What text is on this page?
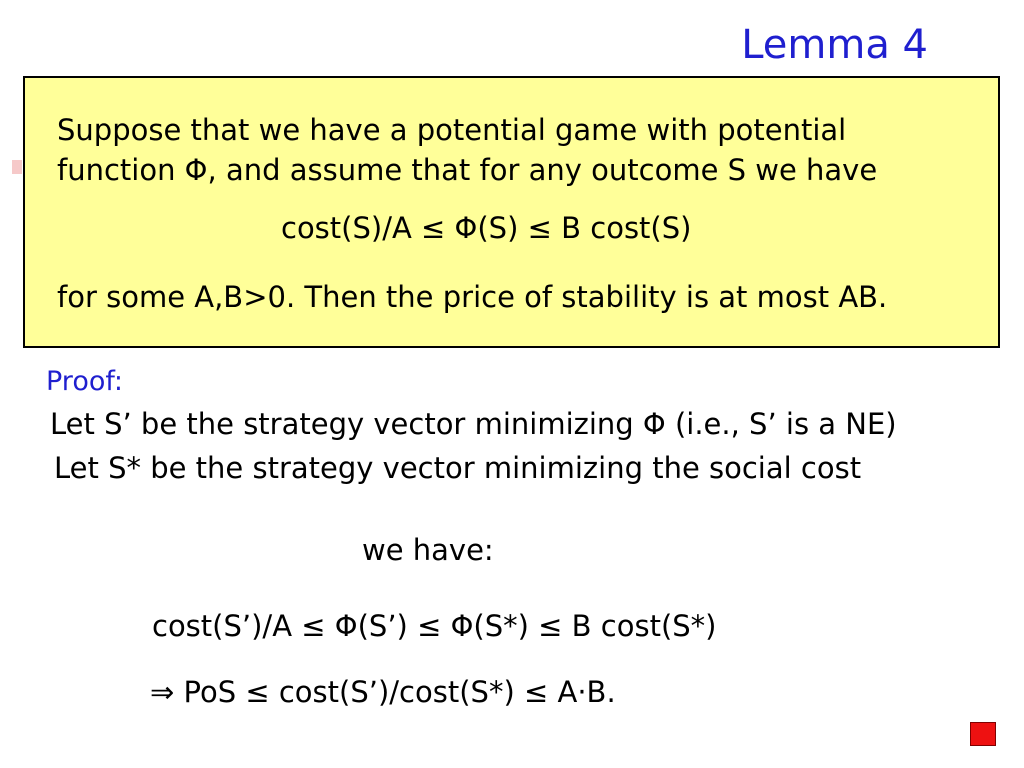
Lemma 4
Suppose that we have a potential game with potential
function Φ, and assume that for any outcome S we have
cost(S)/A ≤ Φ(S) ≤ B cost(S)
for some A,B>0. Then the price of stability is at most AB.
Proof:
Let S’ be the strategy vector minimizing Φ (i.e., S’ is a NE)
Let S* be the strategy vector minimizing the social cost
we have:
cost(S’)/A ≤ Φ(S’) ≤ Φ(S*) ≤ B cost(S*)
⇒ PoS ≤ cost(S’)/cost(S*) ≤ A·B.
